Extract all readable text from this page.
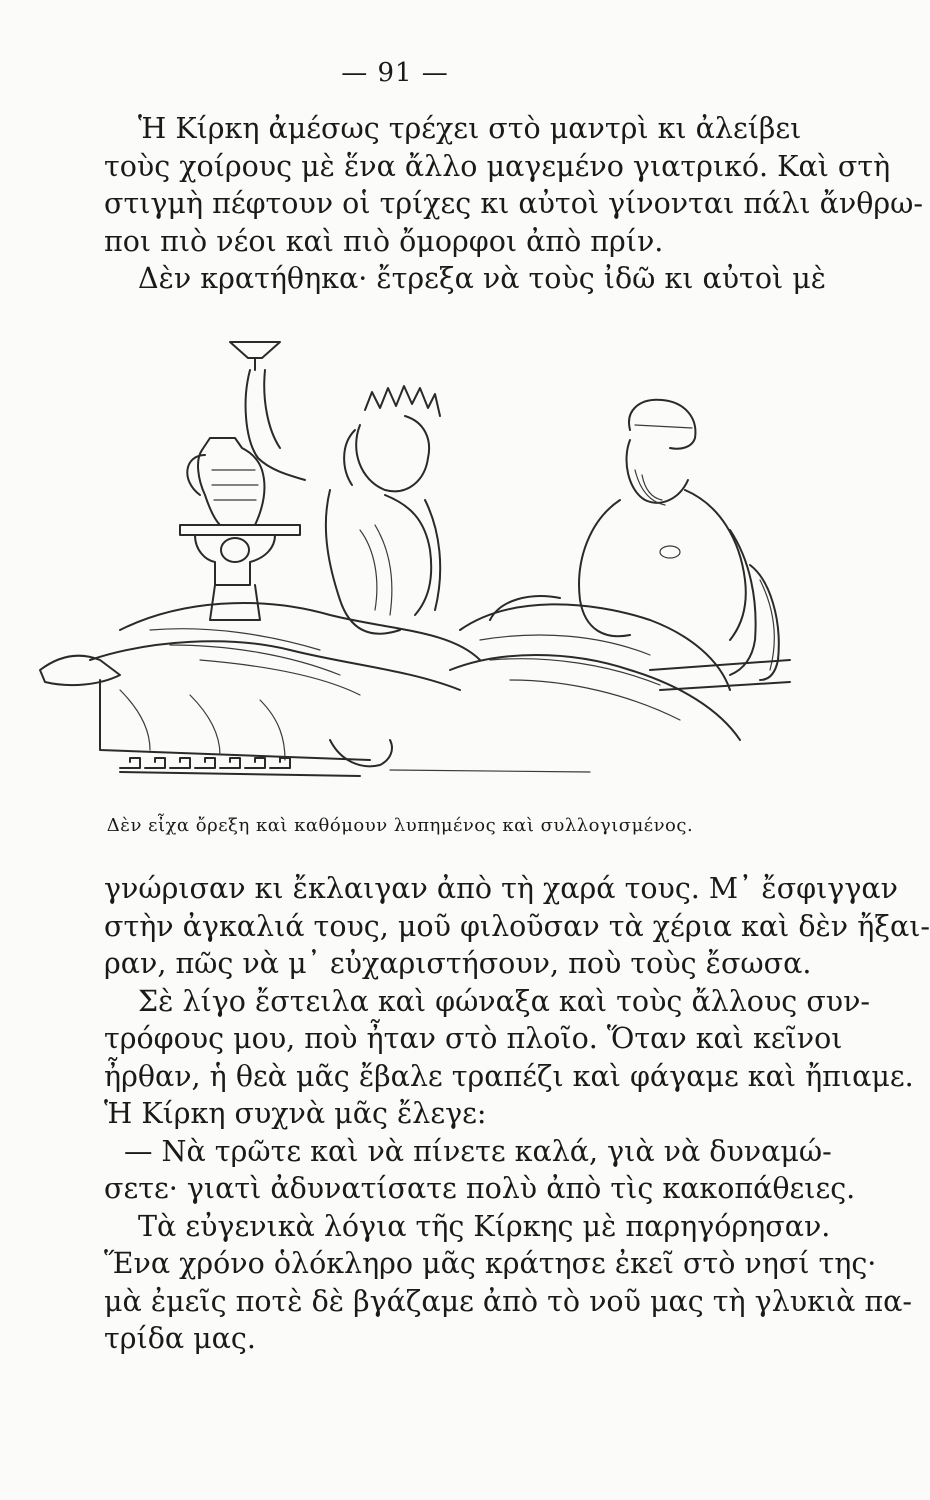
— 91 —

Ἡ Κίρκη ἀμέσως τρέχει στὸ μαντρὶ κι ἀλείβει
τοὺς χοίρους μὲ ἕνα ἄλλο μαγεμένο γιατρικό. Καὶ στὴ
στιγμὴ πέφτουν οἱ τρίχες κι αὐτοὶ γίνονται πάλι ἄνθρω-
ποι πιὸ νέοι καὶ πιὸ ὄμορφοι ἀπὸ πρίν.

Δὲν κρατήθηκα· ἔτρεξα νὰ τοὺς ἰδῶ κι αὐτοὶ μὲ

Δὲν εἶχα ὄρεξη καὶ καθόμουν λυπημένος καὶ συλλογισμένος.

γνώρισαν κι ἔκλαιγαν ἀπὸ τὴ χαρά τους. Μ᾽ ἔσφιγγαν
στὴν ἀγκαλιά τους, μοῦ φιλοῦσαν τὰ χέρια καὶ δὲν ἤξαι-
ραν, πῶς νὰ μ᾽ εὐχαριστήσουν, ποὺ τοὺς ἔσωσα.

Σὲ λίγο ἔστειλα καὶ φώναξα καὶ τοὺς ἄλλους συν-
τρόφους μου, ποὺ ἦταν στὸ πλοῖο. Ὅταν καὶ κεῖνοι
ἦρθαν, ἡ θεὰ μᾶς ἔβαλε τραπέζι καὶ φάγαμε καὶ ἤπιαμε.
Ἡ Κίρκη συχνὰ μᾶς ἔλεγε:

— Νὰ τρῶτε καὶ νὰ πίνετε καλά, γιὰ νὰ δυναμώ-
σετε· γιατὶ ἀδυνατίσατε πολὺ ἀπὸ τὶς κακοπάθειες.

Τὰ εὐγενικὰ λόγια τῆς Κίρκης μὲ παρηγόρησαν.
Ἕνα χρόνο ὁλόκληρο μᾶς κράτησε ἐκεῖ στὸ νησί της·
μὰ ἐμεῖς ποτὲ δὲ βγάζαμε ἀπὸ τὸ νοῦ μας τὴ γλυκιὰ πα-
τρίδα μας.
